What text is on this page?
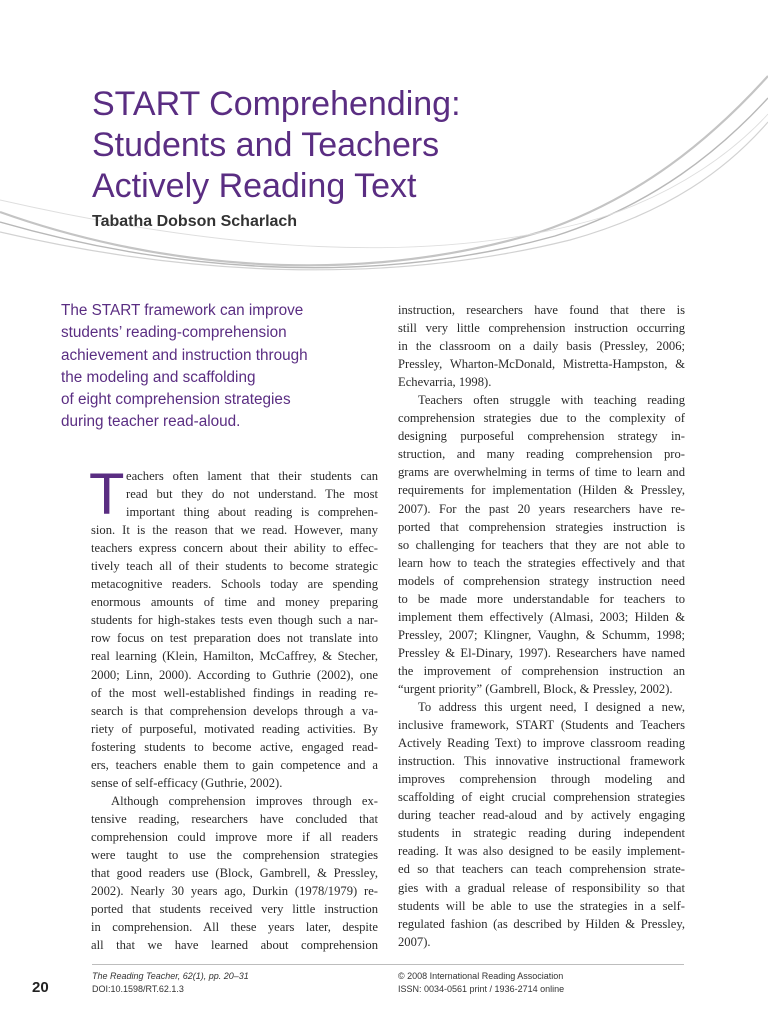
START Comprehending:
Students and Teachers
Actively Reading Text
Tabatha Dobson Scharlach
The START framework can improve
students’ reading-comprehension
achievement and instruction through
the modeling and scaffolding
of eight comprehension strategies
during teacher read-aloud.
T eachers often lament that their students can
read but they do not understand. The most
important thing about reading is comprehen-
sion. It is the reason that we read. However, many
teachers express concern about their ability to effec-
tively teach all of their students to become strategic
metacognitive readers. Schools today are spending
enormous amounts of time and money preparing
students for high-stakes tests even though such a nar-
row focus on test preparation does not translate into
real learning (Klein, Hamilton, McCaffrey, & Stecher,
2000; Linn, 2000). According to Guthrie (2002), one
of the most well-established findings in reading re-
search is that comprehension develops through a va-
riety of purposeful, motivated reading activities. By
fostering students to become active, engaged read-
ers, teachers enable them to gain competence and a
sense of self-efficacy (Guthrie, 2002).
Although comprehension improves through ex-
tensive reading, researchers have concluded that
comprehension could improve more if all readers
were taught to use the comprehension strategies
that good readers use (Block, Gambrell, & Pressley,
2002). Nearly 30 years ago, Durkin (1978/1979) re-
ported that students received very little instruction
in comprehension. All these years later, despite
all that we have learned about comprehension
instruction, researchers have found that there is
still very little comprehension instruction occurring
in the classroom on a daily basis (Pressley, 2006;
Pressley, Wharton-McDonald, Mistretta-Hampston, &
Echevarria, 1998).
Teachers often struggle with teaching reading
comprehension strategies due to the complexity of
designing purposeful comprehension strategy in-
struction, and many reading comprehension pro-
grams are overwhelming in terms of time to learn and
requirements for implementation (Hilden & Pressley,
2007). For the past 20 years researchers have re-
ported that comprehension strategies instruction is
so challenging for teachers that they are not able to
learn how to teach the strategies effectively and that
models of comprehension strategy instruction need
to be made more understandable for teachers to
implement them effectively (Almasi, 2003; Hilden &
Pressley, 2007; Klingner, Vaughn, & Schumm, 1998;
Pressley & El-Dinary, 1997). Researchers have named
the improvement of comprehension instruction an
“urgent priority” (Gambrell, Block, & Pressley, 2002).
To address this urgent need, I designed a new,
inclusive framework, START (Students and Teachers
Actively Reading Text) to improve classroom reading
instruction. This innovative instructional framework
improves comprehension through modeling and
scaffolding of eight crucial comprehension strategies
during teacher read-aloud and by actively engaging
students in strategic reading during independent
reading. It was also designed to be easily implement-
ed so that teachers can teach comprehension strate-
gies with a gradual release of responsibility so that
students will be able to use the strategies in a self-
regulated fashion (as described by Hilden & Pressley,
2007).
20
The Reading Teacher, 62(1), pp. 20–31
DOI:10.1598/RT.62.1.3
© 2008 International Reading Association
ISSN: 0034-0561 print / 1936-2714 online
